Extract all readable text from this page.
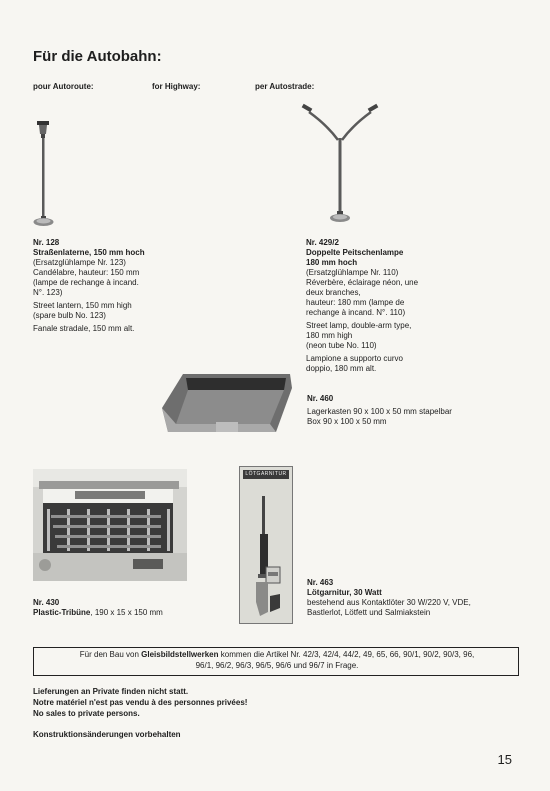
Für die Autobahn:
pour Autoroute:	for Highway:	per Autostrade:
Nr. 128
Straßenlaterne, 150 mm hoch
(Ersatzglühlampe Nr. 123)
Candélabre, hauteur: 150 mm
(lampe de rechange à incand.
N°. 123)
Street lantern, 150 mm high
(spare bulb No. 123)
Fanale stradale, 150 mm alt.
Nr. 429/2
Doppelte Peitschenlampe
180 mm hoch
(Ersatzglühlampe Nr. 110)
Réverbère, éclairage néon, une
deux branches,
hauteur: 180 mm (lampe de
rechange à incand. N°. 110)
Street lamp, double-arm type,
180 mm high
(neon tube No. 110)
Lampione a supporto curvo
doppio, 180 mm alt.
Nr. 460
Lagerkasten 90 x 100 x 50 mm stapelbar
Box 90 x 100 x 50 mm
Nr. 430
Plastic-Tribüne, 190 x 15 x 150 mm
LÖTGARNITUR
Nr. 463
Lötgarnitur, 30 Watt
bestehend aus Kontaktlöter 30 W/220 V, VDE,
Bastlerlot, Lötfett und Salmiakstein
Für den Bau von Gleisbildstellwerken kommen die Artikel Nr. 42/3, 42/4, 44/2, 49, 65, 66, 90/1, 90/2, 90/3, 96,
96/1, 96/2, 96/3, 96/5, 96/6 und 96/7 in Frage.
Lieferungen an Private finden nicht statt.
Notre matériel n'est pas vendu à des personnes privées!
No sales to private persons.
Konstruktionsänderungen vorbehalten
15
